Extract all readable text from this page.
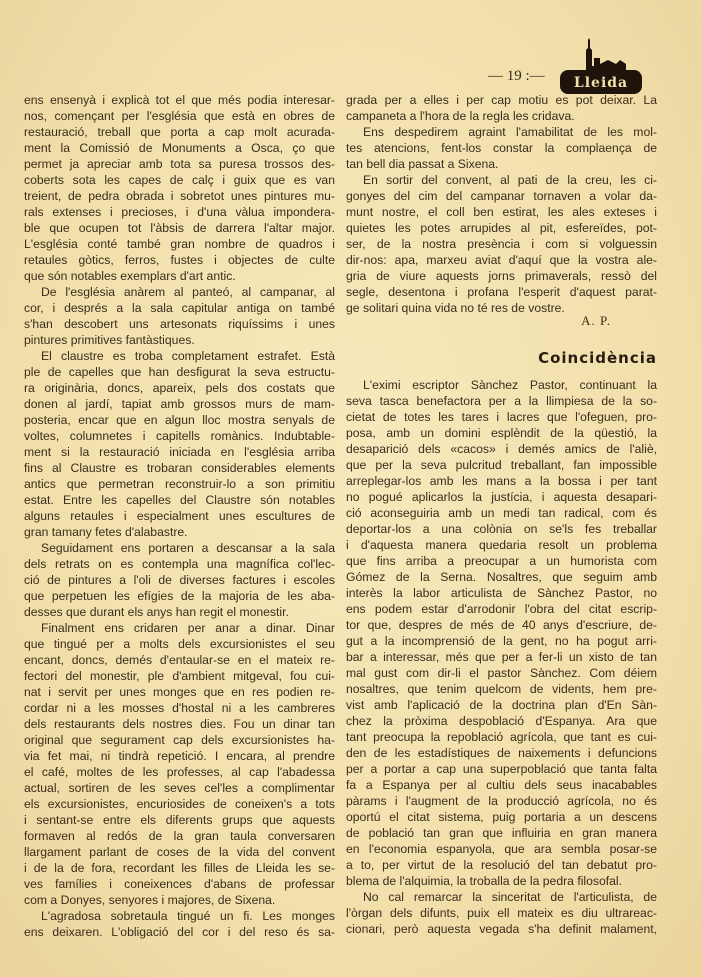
— 19 :— Lleida
ens ensenyà i explicà tot el que més podia interesar-
nos, començant per l'església que està en obres de
restauració, treball que porta a cap molt acurada-
ment la Comissió de Monuments a Osca, ço que
permet ja apreciar amb tota sa puresa trossos des-
coberts sota les capes de calç i guix que es van
treient, de pedra obrada i sobretot unes pintures mu-
rals extenses i precioses, i d'una vàlua impondera-
ble que ocupen tot l'àbsis de darrera l'altar major.
L'església conté també gran nombre de quadros i
retaules gòtics, ferros, fustes i objectes de culte
que són notables exemplars d'art antic.
De l'església anàrem al panteó, al campanar, al
cor, i després a la sala capitular antiga on també
s'han descobert uns artesonats riquíssims i unes
pintures primitives fantàstiques.
El claustre es troba completament estrafet. Està
ple de capelles que han desfigurat la seva estructu-
ra originària, doncs, apareix, pels dos costats que
donen al jardí, tapiat amb grossos murs de mam-
posteria, encar que en algun lloc mostra senyals de
voltes, columnetes i capitells romànics. Indubtable-
ment si la restauració iniciada en l'església arriba
fins al Claustre es trobaran considerables elements
antics que permetran reconstruir-lo a son primitiu
estat. Entre les capelles del Claustre són notables
alguns retaules i especialment unes escultures de
gran tamany fetes d'alabastre.
Seguidament ens portaren a descansar a la sala
dels retrats on es contempla una magnífica col'lec-
ció de pintures a l'oli de diverses factures i escoles
que perpetuen les efígies de la majoria de les aba-
desses que durant els anys han regit el monestir.
Finalment ens cridaren per anar a dinar. Dinar
que tingué per a molts dels excursionistes el seu
encant, doncs, demés d'entaular-se en el mateix re-
fectori del monestir, ple d'ambient mitgeval, fou cui-
nat i servit per unes monges que en res podien re-
cordar ni a les mosses d'hostal ni a les cambreres
dels restaurants dels nostres dies. Fou un dinar tan
original que segurament cap dels excursionistes ha-
via fet mai, ni tindrà repetició. I encara, al prendre
el café, moltes de les professes, al cap l'abadessa
actual, sortiren de les seves cel'les a complimentar
els excursionistes, encuriosides de coneixen's a tots
i sentant-se entre els diferents grups que aquests
formaven al redós de la gran taula conversaren
llargament parlant de coses de la vida del convent
i de la de fora, recordant les filles de Lleida les se-
ves famílies i coneixences d'abans de professar
com a Donyes, senyores i majores, de Sixena.
L'agradosa sobretaula tingué un fi. Les monges
ens deixaren. L'obligació del cor i del reso és sa-
grada per a elles i per cap motiu es pot deixar. La
campaneta a l'hora de la regla les cridava.
Ens despedirem agraint l'amabilitat de les mol-
tes atencions, fent-los constar la complaença de
tan bell dia passat a Sixena.
En sortir del convent, al pati de la creu, les ci-
gonyes del cim del campanar tornaven a volar da-
munt nostre, el coll ben estirat, les ales exteses i
quietes les potes arrupides al pit, esfereïdes, pot-
ser, de la nostra presència i com si volguessin
dir-nos: apa, marxeu aviat d'aquí que la vostra ale-
gria de viure aquests jorns primaverals, ressò del
segle, desentona i profana l'esperit d'aquest parat-
ge solitari quina vida no té res de vostre.
A. P.
Coincidència
L'eximi escriptor Sànchez Pastor, continuant la
seva tasca benefactora per a la llimpiesa de la so-
cietat de totes les tares i lacres que l'ofeguen, pro-
posa, amb un domini esplèndit de la qüestió, la
desaparició dels «cacos» i demés amics de l'aliè,
que per la seva pulcritud treballant, fan impossible
arreplegar-los amb les mans a la bossa i per tant
no pogué aplicarlos la justícia, i aquesta desapari-
ció aconseguiria amb un medi tan radical, com és
deportar-los a una colònia on se'ls fes treballar
i d'aquesta manera quedaria resolt un problema
que fins arriba a preocupar a un humorista com
Gómez de la Serna. Nosaltres, que seguim amb
interès la labor articulista de Sànchez Pastor, no
ens podem estar d'arrodonir l'obra del citat escrip-
tor que, despres de més de 40 anys d'escriure, de-
gut a la incomprensió de la gent, no ha pogut arri-
bar a interessar, més que per a fer-li un xisto de tan
mal gust com dir-li el pastor Sànchez. Com déiem
nosaltres, que tenim quelcom de vidents, hem pre-
vist amb l'aplicació de la doctrina plan d'En Sàn-
chez la pròxima despoblació d'Espanya. Ara que
tant preocupa la repoblació agrícola, que tant es cui-
den de les estadístiques de naixements i defuncions
per a portar a cap una superpoblació que tanta falta
fa a Espanya per al cultiu dels seus inacabables
pàrams i l'augment de la producció agrícola, no és
oportú el citat sistema, puig portaria a un descens
de població tan gran que influiria en gran manera
en l'economia espanyola, que ara sembla posar-se
a to, per virtut de la resolució del tan debatut pro-
blema de l'alquimia, la troballa de la pedra filosofal.
No cal remarcar la sinceritat de l'articulista, de
l'òrgan dels difunts, puix ell mateix es diu ultrareac-
cionari, però aquesta vegada s'ha definit malament,
